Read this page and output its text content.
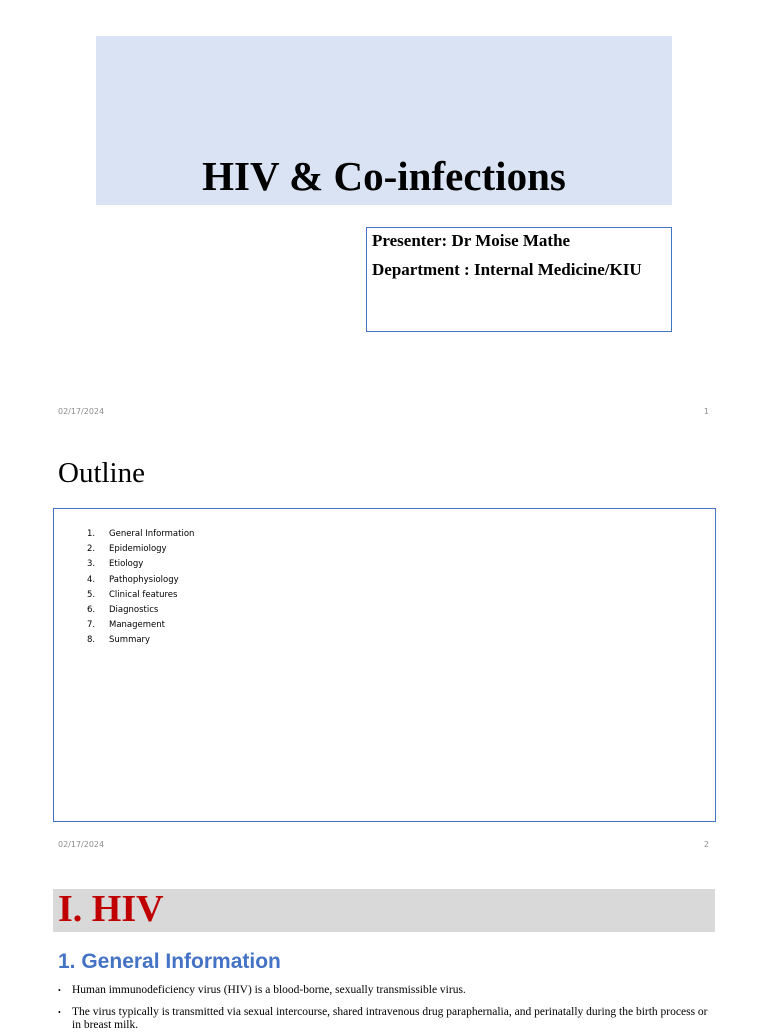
HIV & Co-infections
Presenter: Dr Moise Mathe
Department : Internal Medicine/KIU
02/17/2024	1
Outline
1.	General Information
2.	Epidemiology
3.	Etiology
4.	Pathophysiology
5.	Clinical features
6.	Diagnostics
7.	Management
8.	Summary
02/17/2024	2
I. HIV
1. General Information
• Human immunodeficiency virus (HIV) is a blood-borne, sexually transmissible virus.
• The virus typically is transmitted via sexual intercourse, shared intravenous drug paraphernalia, and perinatally during the birth process or in breast milk.
